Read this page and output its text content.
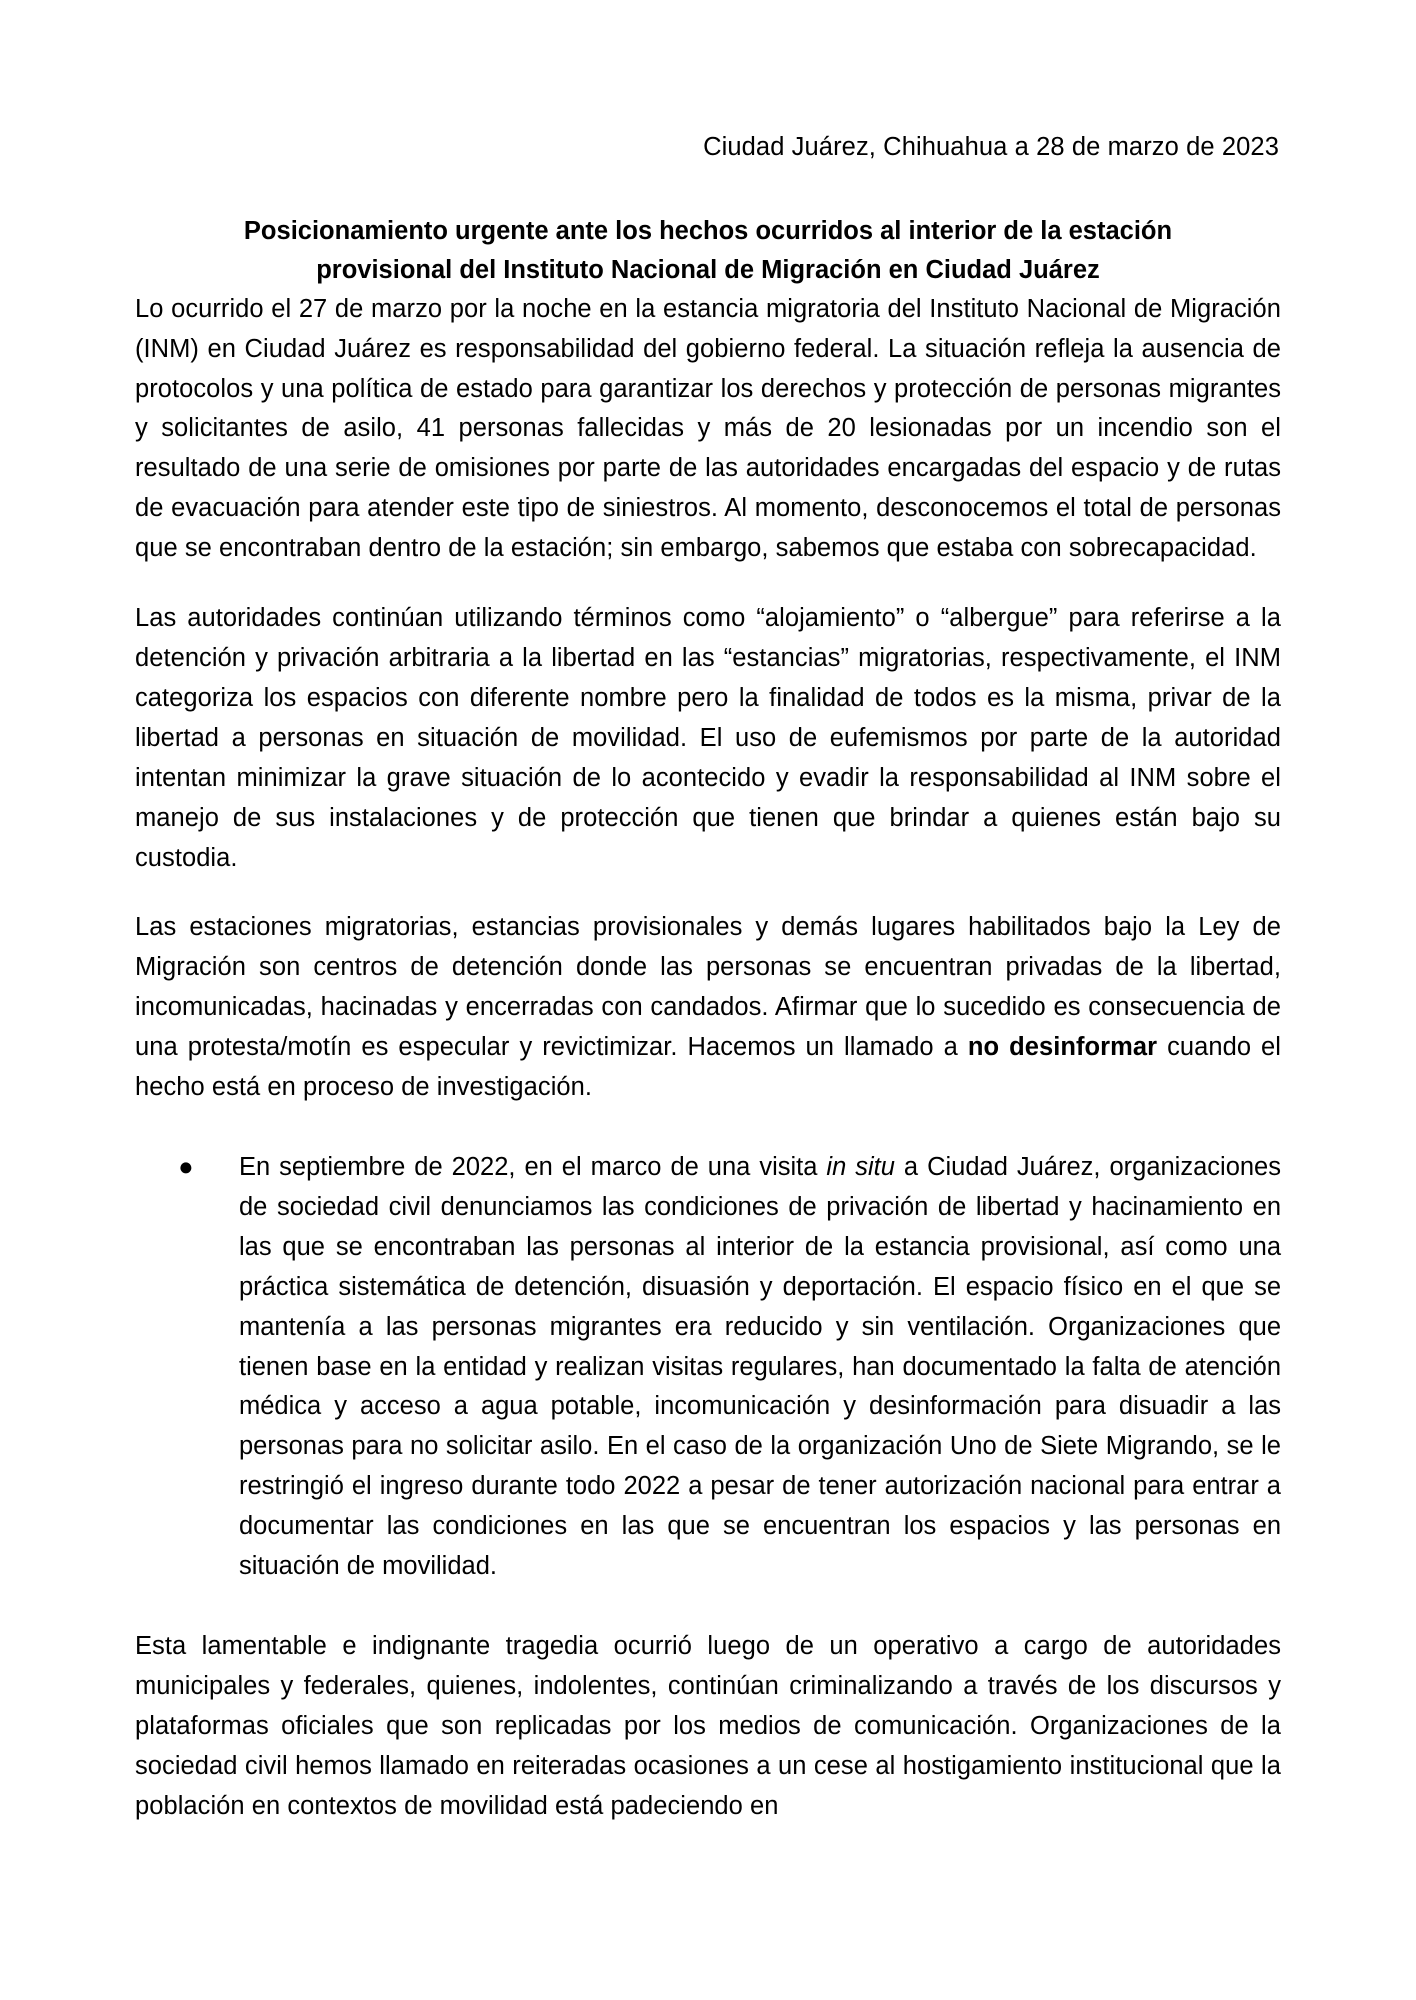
Ciudad Juárez, Chihuahua a 28 de marzo de 2023
Posicionamiento urgente ante los hechos ocurridos al interior de la estación provisional del Instituto Nacional de Migración en Ciudad Juárez

Lo ocurrido el 27 de marzo por la noche en la estancia migratoria del Instituto Nacional de Migración (INM) en Ciudad Juárez es responsabilidad del gobierno federal. La situación refleja la ausencia de protocolos y una política de estado para garantizar los derechos y protección de personas migrantes y solicitantes de asilo, 41 personas fallecidas y más de 20 lesionadas por un incendio son el resultado de una serie de omisiones por parte de las autoridades encargadas del espacio y de rutas de evacuación para atender este tipo de siniestros. Al momento, desconocemos el total de personas que se encontraban dentro de la estación; sin embargo, sabemos que estaba con sobrecapacidad.

Las autoridades continúan utilizando términos como “alojamiento” o “albergue” para referirse a la detención y privación arbitraria a la libertad en las “estancias” migratorias, respectivamente, el INM categoriza los espacios con diferente nombre pero la finalidad de todos es la misma, privar de la libertad a personas en situación de movilidad. El uso de eufemismos por parte de la autoridad intentan minimizar la grave situación de lo acontecido y evadir la responsabilidad al INM sobre el manejo de sus instalaciones y de protección que tienen que brindar a quienes están bajo su custodia.

Las estaciones migratorias, estancias provisionales y demás lugares habilitados bajo la Ley de Migración son centros de detención donde las personas se encuentran privadas de la libertad, incomunicadas, hacinadas y encerradas con candados. Afirmar que lo sucedido es consecuencia de una protesta/motín es especular y revictimizar. Hacemos un llamado a no desinformar cuando el hecho está en proceso de investigación.

● En septiembre de 2022, en el marco de una visita in situ a Ciudad Juárez, organizaciones de sociedad civil denunciamos las condiciones de privación de libertad y hacinamiento en las que se encontraban las personas al interior de la estancia provisional, así como una práctica sistemática de detención, disuasión y deportación. El espacio físico en el que se mantenía a las personas migrantes era reducido y sin ventilación. Organizaciones que tienen base en la entidad y realizan visitas regulares, han documentado la falta de atención médica y acceso a agua potable, incomunicación y desinformación para disuadir a las personas para no solicitar asilo. En el caso de la organización Uno de Siete Migrando, se le restringió el ingreso durante todo 2022 a pesar de tener autorización nacional para entrar a documentar las condiciones en las que se encuentran los espacios y las personas en situación de movilidad.

Esta lamentable e indignante tragedia ocurrió luego de un operativo a cargo de autoridades municipales y federales, quienes, indolentes, continúan criminalizando a través de los discursos y plataformas oficiales que son replicadas por los medios de comunicación. Organizaciones de la sociedad civil hemos llamado en reiteradas ocasiones a un cese al hostigamiento institucional que la población en contextos de movilidad está padeciendo en
